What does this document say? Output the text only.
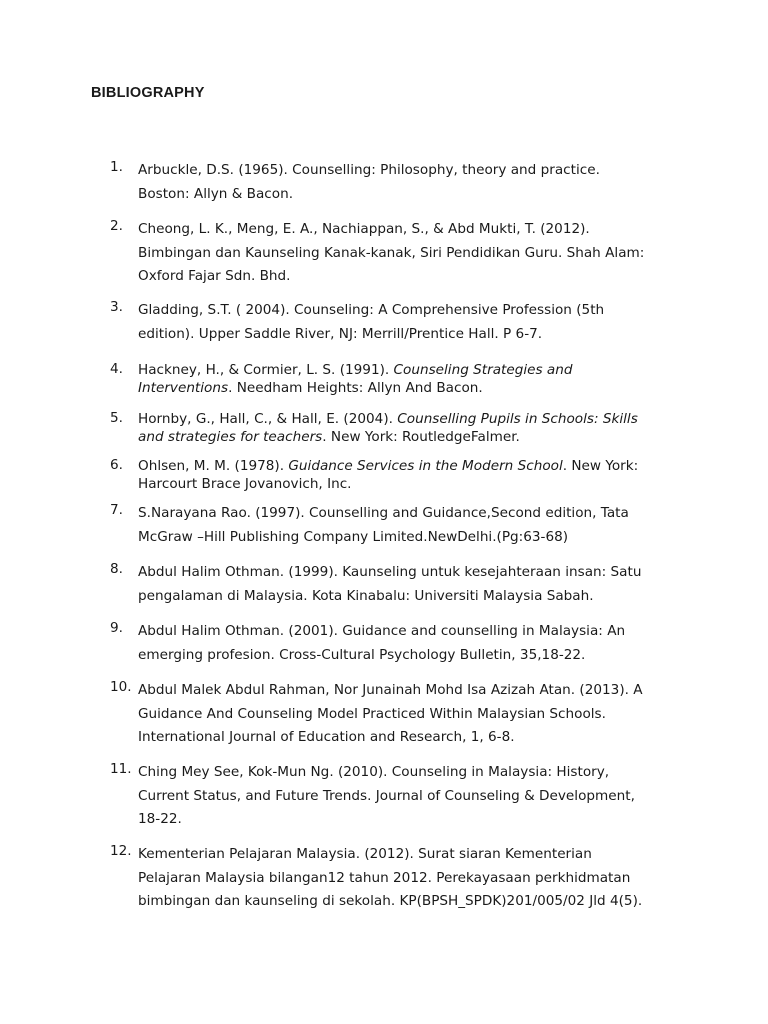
BIBLIOGRAPHY
1.	Arbuckle, D.S. (1965). Counselling: Philosophy, theory and practice.
Boston: Allyn & Bacon.
2.	Cheong, L. K., Meng, E. A., Nachiappan, S., & Abd Mukti, T. (2012).
Bimbingan dan Kaunseling Kanak-kanak, Siri Pendidikan Guru. Shah Alam:
Oxford Fajar Sdn. Bhd.
3.	Gladding, S.T. ( 2004). Counseling: A Comprehensive Profession (5th
edition). Upper Saddle River, NJ: Merrill/Prentice Hall. P 6-7.
4.	Hackney, H., & Cormier, L. S. (1991). Counseling Strategies and
Interventions. Needham Heights: Allyn And Bacon.
5.	Hornby, G., Hall, C., & Hall, E. (2004). Counselling Pupils in Schools: Skills
and strategies for teachers. New York: RoutledgeFalmer.
6.	Ohlsen, M. M. (1978). Guidance Services in the Modern School. New York:
Harcourt Brace Jovanovich, Inc.
7.	S.Narayana Rao. (1997). Counselling and Guidance,Second edition, Tata
McGraw –Hill Publishing Company Limited.NewDelhi.(Pg:63-68)
8.	Abdul Halim Othman. (1999). Kaunseling untuk kesejahteraan insan: Satu
pengalaman di Malaysia. Kota Kinabalu: Universiti Malaysia Sabah.
9.	Abdul Halim Othman. (2001). Guidance and counselling in Malaysia: An
emerging profesion. Cross-Cultural Psychology Bulletin, 35,18-22.
10. Abdul Malek Abdul Rahman, Nor Junainah Mohd Isa Azizah Atan. (2013). A
Guidance And Counseling Model Practiced Within Malaysian Schools.
International Journal of Education and Research, 1, 6-8.
11. Ching Mey See, Kok-Mun Ng. (2010). Counseling in Malaysia: History,
Current Status, and Future Trends. Journal of Counseling & Development,
18-22.
12. Kementerian Pelajaran Malaysia. (2012). Surat siaran Kementerian
Pelajaran Malaysia bilangan12 tahun 2012. Perekayasaan perkhidmatan
bimbingan dan kaunseling di sekolah. KP(BPSH_SPDK)201/005/02 Jld 4(5).
